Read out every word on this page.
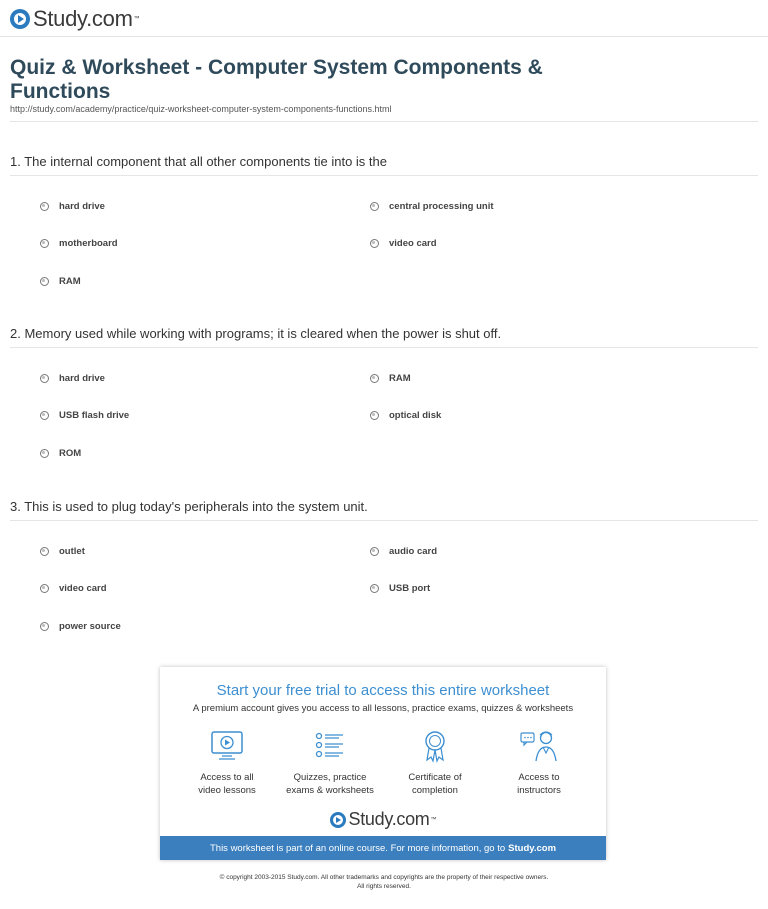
Study.com ™
Quiz & Worksheet - Computer System Components & Functions
http://study.com/academy/practice/quiz-worksheet-computer-system-components-functions.html

1. The internal component that all other components tie into is the

hard drive	central processing unit
motherboard	video card
RAM

2. Memory used while working with programs; it is cleared when the power is shut off.

hard drive	RAM
USB flash drive	optical disk
ROM

3. This is used to plug today's peripherals into the system unit.

outlet	audio card
video card	USB port
power source
Start your free trial to access this entire worksheet
A premium account gives you access to all lessons, practice exams, quizzes & worksheets
Access to all
video lessons
Quizzes, practice
exams & worksheets
Certificate of
completion
Access to
instructors
Study.com ™
This worksheet is part of an online course. For more information, go to Study.com
© copyright 2003-2015 Study.com. All other trademarks and copyrights are the property of their respective owners.
All rights reserved.
